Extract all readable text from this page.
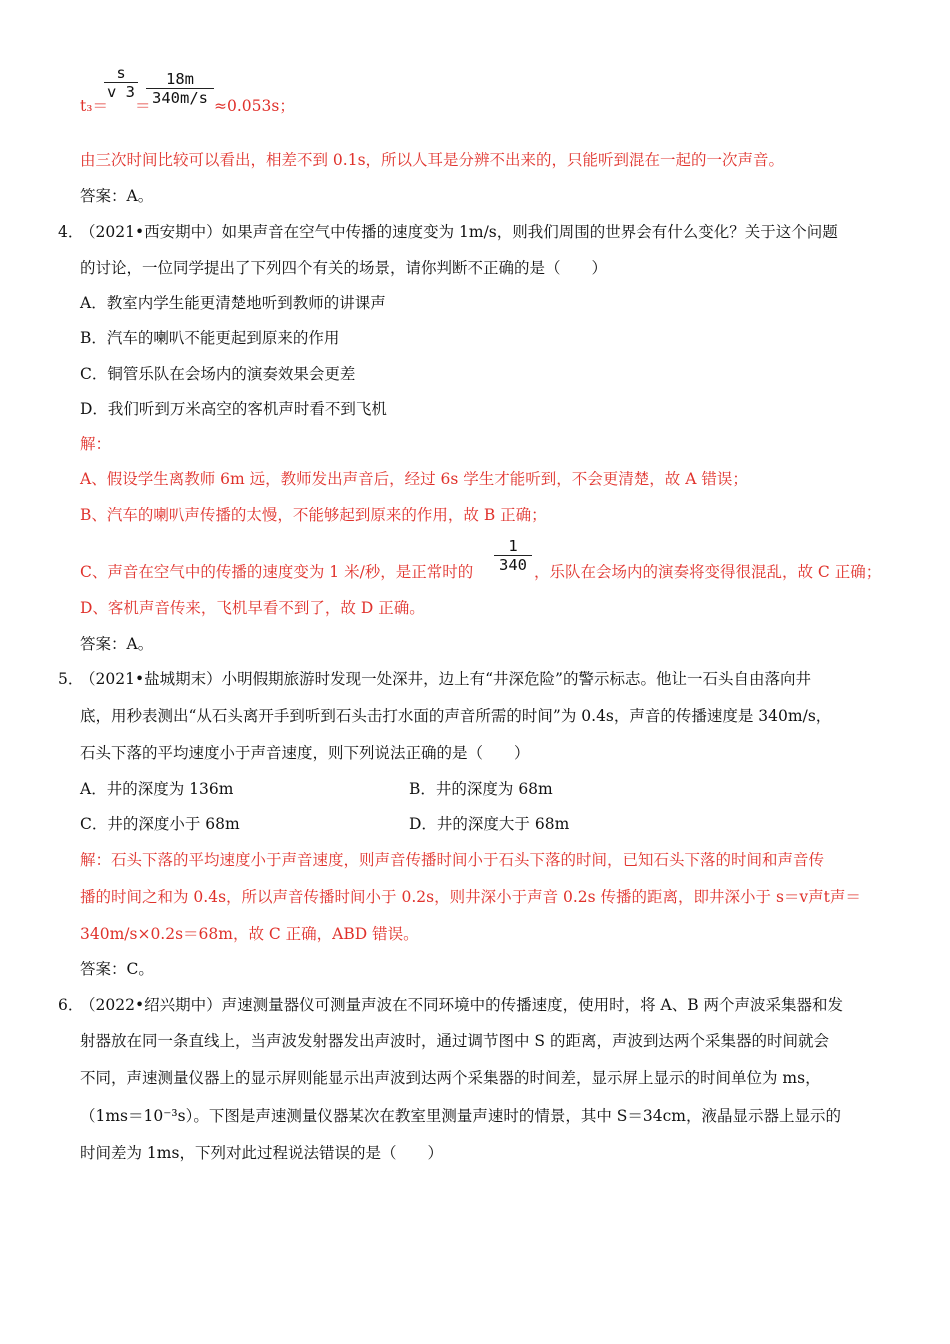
t₃＝
s
v 3
＝
18m
340m/s ≈0.053s；
由三次时间比较可以看出，相差不到 0.1s，所以人耳是分辨不出来的，只能听到混在一起的一次声音。
答案：A。
4．
（2021•西安期中）如果声音在空气中传播的速度变为 1m/s，则我们周围的世界会有什么变化？关于这个问题
的讨论，一位同学提出了下列四个有关的场景，请你判断不正确的是（　　）
A．教室内学生能更清楚地听到教师的讲课声
B．汽车的喇叭不能更起到原来的作用
C．铜管乐队在会场内的演奏效果会更差
D．我们听到万米高空的客机声时看不到飞机
解：
A、假设学生离教师 6m 远，教师发出声音后，经过 6s 学生才能听到，不会更清楚，故 A 错误；
B、汽车的喇叭声传播的太慢，不能够起到原来的作用，故 B 正确；
C、声音在空气中的传播的速度变为 1 米/秒，是正常时的
1
340 ，乐队在会场内的演奏将变得很混乱，故 C 正确；
D、客机声音传来，飞机早看不到了，故 D 正确。
答案：A。
5．
（2021•盐城期末）小明假期旅游时发现一处深井，边上有“井深危险”的警示标志。他让一石头自由落向井
底，用秒表测出“从石头离开手到听到石头击打水面的声音所需的时间”为 0.4s，声音的传播速度是 340m/s，
石头下落的平均速度小于声音速度，则下列说法正确的是（　　）
A．井的深度为 136m	B．井的深度为 68m
C．井的深度小于 68m	D．井的深度大于 68m
解：石头下落的平均速度小于声音速度，则声音传播时间小于石头下落的时间，已知石头下落的时间和声音传
播的时间之和为 0.4s，所以声音传播时间小于 0.2s，则井深小于声音 0.2s 传播的距离，即井深小于 s＝v声t声＝
340m/s×0.2s＝68m，故 C 正确，ABD 错误。
答案：C。
6．
（2022•绍兴期中）声速测量器仪可测量声波在不同环境中的传播速度，使用时，将 A、B 两个声波采集器和发
射器放在同一条直线上，当声波发射器发出声波时，通过调节图中 S 的距离，声波到达两个采集器的时间就会
不同，声速测量仪器上的显示屏则能显示出声波到达两个采集器的时间差，显示屏上显示的时间单位为 ms，
（1ms＝10⁻³s）。下图是声速测量仪器某次在教室里测量声速时的情景，其中 S＝34cm，液晶显示器上显示的
时间差为 1ms，下列对此过程说法错误的是（　　）
